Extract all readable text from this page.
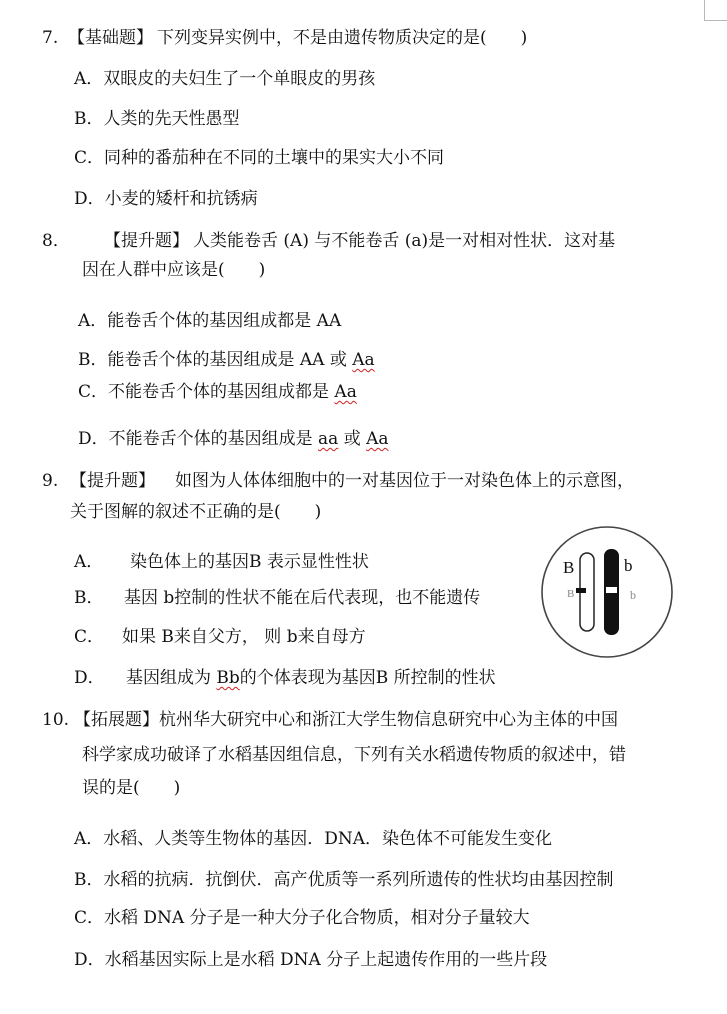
7. 【基础题】 下列变异实例中，不是由遗传物质决定的是(　　)
A．双眼皮的夫妇生了一个单眼皮的男孩
B．人类的先天性愚型
C．同种的番茄种在不同的土壤中的果实大小不同
D．小麦的矮杆和抗锈病
8． 【提升题】 人类能卷舌 (A) 与不能卷舌 (a)是一对相对性状．这对基
因在人群中应该是(　　)
A．能卷舌个体的基因组成都是 AA
B．能卷舌个体的基因组成是 AA 或 Aa
C．不能卷舌个体的基因组成都是 Aa
D．不能卷舌个体的基因组成是 aa 或 Aa
9. 【提升题】 如图为人体体细胞中的一对基因位于一对染色体上的示意图，
关于图解的叙述不正确的是(　　)
A． 染色体上的基因B 表示显性性状
B． 基因 b控制的性状不能在后代表现，也不能遗传
C． 如果 B来自父方， 则 b来自母方
D． 基因组成为 Bb的个体表现为基因B 所控制的性状
B	b
B	b
10. 【拓展题】杭州华大研究中心和浙江大学生物信息研究中心为主体的中国
科学家成功破译了水稻基因组信息，下列有关水稻遗传物质的叙述中，错
误的是(　　)
A．水稻、人类等生物体的基因．DNA．染色体不可能发生变化
B．水稻的抗病．抗倒伏．高产优质等一系列所遗传的性状均由基因控制
C．水稻 DNA 分子是一种大分子化合物质，相对分子量较大
D．水稻基因实际上是水稻 DNA 分子上起遗传作用的一些片段
